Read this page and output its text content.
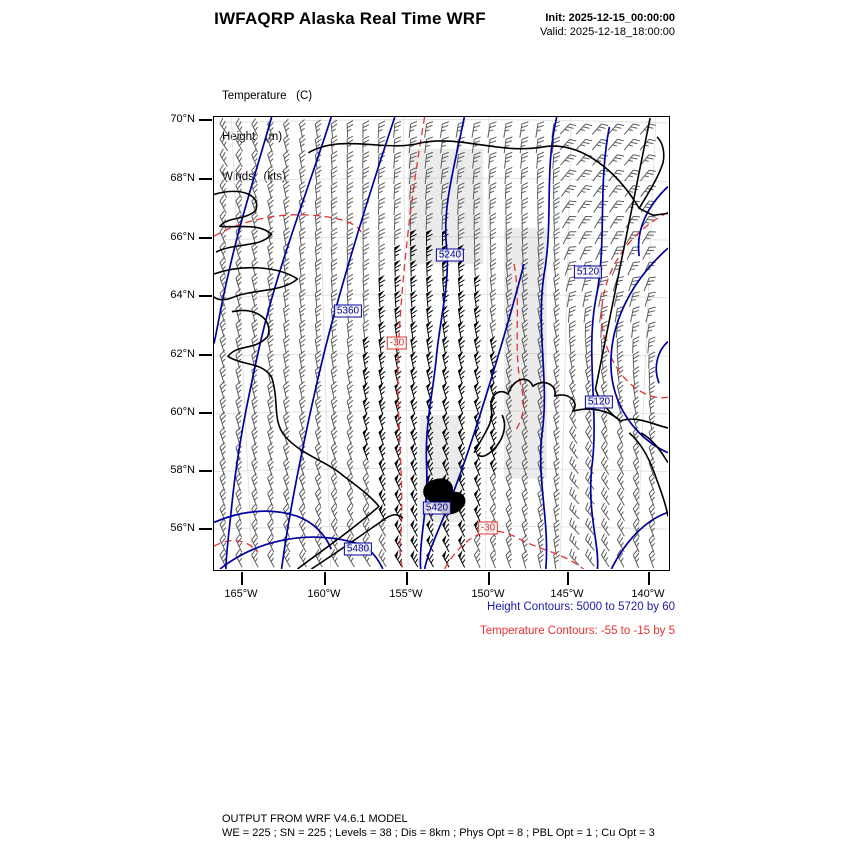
IWFAQRP Alaska Real Time WRF	Init: 2025-12-15_00:00:00
Valid: 2025-12-18_18:00:00

Temperature   (C)

Height   (m)

Winds   (kts)

70°N
68°N
66°N
64°N
62°N
60°N
58°N
56°N
165°W	160°W	155°W	150°W	145°W	140°W
5240
5120
5360
-30
5120
5420
-30
5480
Height Contours: 5000 to 5720 by 60
Temperature Contours: -55 to -15 by 5
OUTPUT FROM WRF V4.6.1 MODEL
WE = 225 ; SN = 225 ; Levels = 38 ; Dis = 8km ; Phys Opt = 8 ; PBL Opt = 1 ; Cu Opt = 3
